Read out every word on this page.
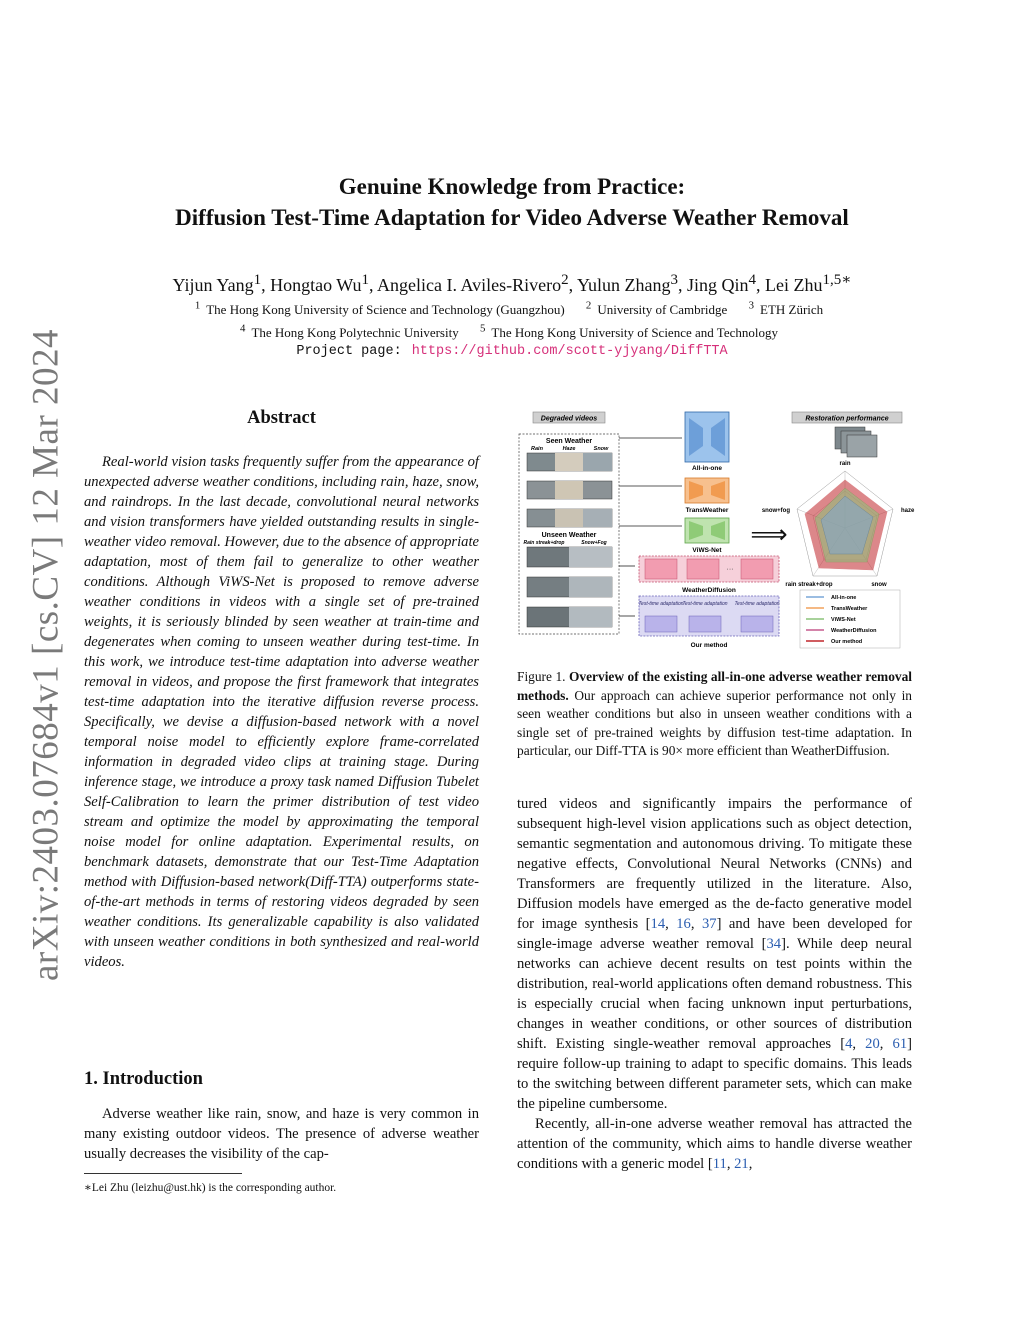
arXiv:2403.07684v1 [cs.CV] 12 Mar 2024
Genuine Knowledge from Practice:
Diffusion Test-Time Adaptation for Video Adverse Weather Removal
Yijun Yang$^1$, Hongtao Wu$^1$, Angelica I. Aviles-Rivero$^2$, Yulun Zhang$^3$, Jing Qin$^4$, Lei Zhu$^{1,5∗}$
$^1$ The Hong Kong University of Science and Technology (Guangzhou) $^2$ University of Cambridge $^3$ ETH Zürich
$^4$ The Hong Kong Polytechnic University $^5$ The Hong Kong University of Science and Technology
Project page: https://github.com/scott-yjyang/DiffTTA
Abstract
Real-world vision tasks frequently suffer from the appearance of unexpected adverse weather conditions, including rain, haze, snow, and raindrops. In the last decade, convolutional neural networks and vision transformers have yielded outstanding results in single-weather video removal. However, due to the absence of appropriate adaptation, most of them fail to generalize to other weather conditions. Although ViWS-Net is proposed to remove adverse weather conditions in videos with a single set of pre-trained weights, it is seriously blinded by seen weather at train-time and degenerates when coming to unseen weather during test-time. In this work, we introduce test-time adaptation into adverse weather removal in videos, and propose the first framework that integrates test-time adaptation into the iterative diffusion reverse process. Specifically, we devise a diffusion-based network with a novel temporal noise model to efficiently explore frame-correlated information in degraded video clips at training stage. During inference stage, we introduce a proxy task named Diffusion Tubelet Self-Calibration to learn the primer distribution of test video stream and optimize the model by approximating the temporal noise model for online adaptation. Experimental results, on benchmark datasets, demonstrate that our Test-Time Adaptation method with Diffusion-based network(Diff-TTA) outperforms state-of-the-art methods in terms of restoring videos degraded by seen weather conditions. Its generalizable capability is also validated with unseen weather conditions in both synthesized and real-world videos.
1. Introduction
Adverse weather like rain, snow, and haze is very common in many existing outdoor videos. The presence of adverse weather usually decreases the visibility of the cap-
∗Lei Zhu (leizhu@ust.hk) is the corresponding author.
Degraded videos
Seen Weather
Rain	Haze	Snow
Unseen Weather
Rain streak+drop	Snow+Fog
All-in-one
TransWeather
ViWS-Net
···
WeatherDiffusion
Test-time adaptation
Test-time adaptation Test-time adaptation
Our method
⟹
Restoration performance
rain
haze
snow
rain streak+drop
snow+fog
All-in-one
TransWeather
ViWS-Net
WeatherDiffusion
Our method
Figure 1. Overview of the existing all-in-one adverse weather removal methods. Our approach can achieve superior performance not only in seen weather conditions but also in unseen weather conditions with a single set of pre-trained weights by diffusion test-time adaptation. In particular, our Diff-TTA is 90× more efficient than WeatherDiffusion.

tured videos and significantly impairs the performance of subsequent high-level vision applications such as object detection, semantic segmentation and autonomous driving. To mitigate these negative effects, Convolutional Neural Networks (CNNs) and Transformers are frequently utilized in the literature. Also, Diffusion models have emerged as the de-facto generative model for image synthesis [14, 16, 37] and have been developed for single-image adverse weather removal [34]. While deep neural networks can achieve decent results on test points within the distribution, real-world applications often demand robustness. This is especially crucial when facing unknown input perturbations, changes in weather conditions, or other sources of distribution shift. Existing single-weather removal approaches [4, 20, 61] require follow-up training to adapt to specific domains. This leads to the switching between different parameter sets, which can make the pipeline cumbersome.

Recently, all-in-one adverse weather removal has attracted the attention of the community, which aims to handle diverse weather conditions with a generic model [11, 21,
